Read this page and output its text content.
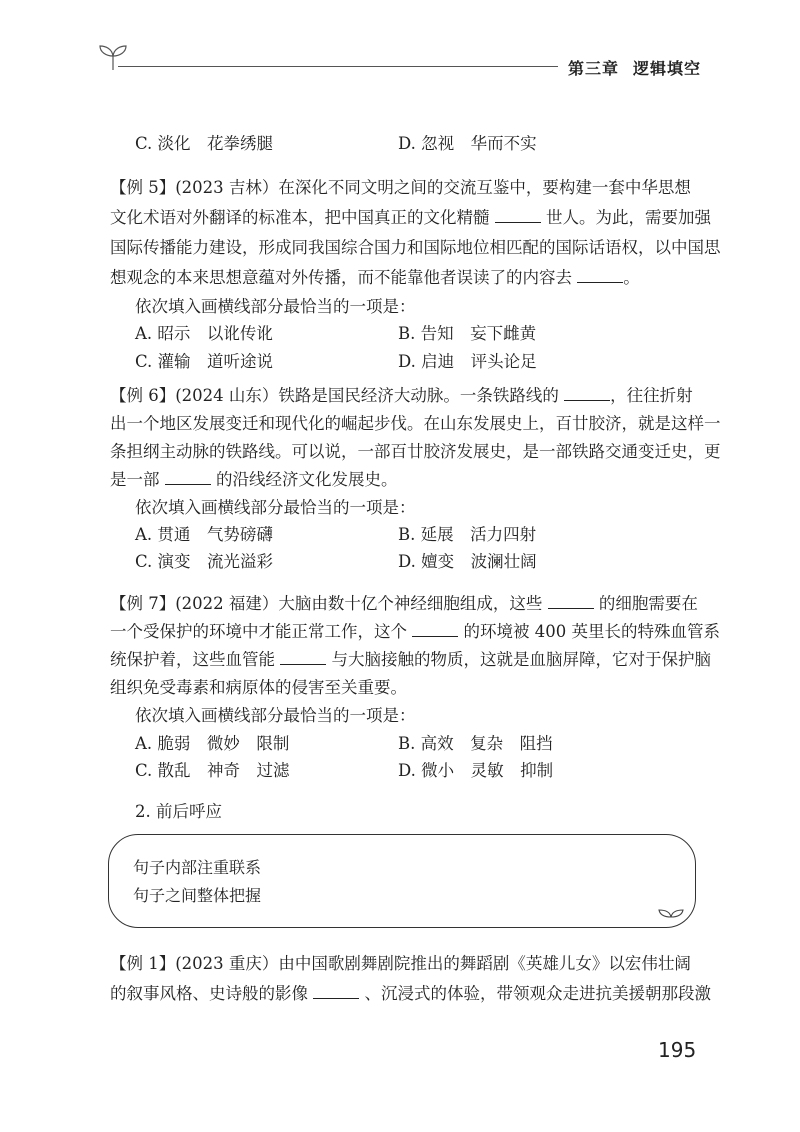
第三章 逻辑填空
C. 淡化　花拳绣腿	D. 忽视　华而不实
【例 5】(2023 吉林）在深化不同文明之间的交流互鉴中，要构建一套中华思想
文化术语对外翻译的标准本，把中国真正的文化精髓	世人。为此，需要加强
国际传播能力建设，形成同我国综合国力和国际地位相匹配的国际话语权，以中国思
想观念的本来思想意蕴对外传播，而不能靠他者误读了的内容去	。
依次填入画横线部分最恰当的一项是：
A. 昭示　以讹传讹	B. 告知　妄下雌黄
C. 灌输　道听途说	D. 启迪　评头论足
【例 6】(2024 山东）铁路是国民经济大动脉。一条铁路线的	，往往折射
出一个地区发展变迁和现代化的崛起步伐。在山东发展史上，百廿胶济，就是这样一
条担纲主动脉的铁路线。可以说，一部百廿胶济发展史，是一部铁路交通变迁史，更
是一部	的沿线经济文化发展史。
依次填入画横线部分最恰当的一项是：
A. 贯通　气势磅礴	B. 延展　活力四射
C. 演变　流光溢彩	D. 嬗变　波澜壮阔
【例 7】(2022 福建）大脑由数十亿个神经细胞组成，这些	的细胞需要在
一个受保护的环境中才能正常工作，这个	的环境被 400 英里长的特殊血管系
统保护着，这些血管能	与大脑接触的物质，这就是血脑屏障，它对于保护脑
组织免受毒素和病原体的侵害至关重要。
依次填入画横线部分最恰当的一项是：
A. 脆弱　微妙　限制	B. 高效　复杂　阻挡
C. 散乱　神奇　过滤	D. 微小　灵敏　抑制
2. 前后呼应
句子内部注重联系
句子之间整体把握
【例 1】(2023 重庆）由中国歌剧舞剧院推出的舞蹈剧《英雄儿女》以宏伟壮阔
的叙事风格、史诗般的影像	、沉浸式的体验，带领观众走进抗美援朝那段激
195
